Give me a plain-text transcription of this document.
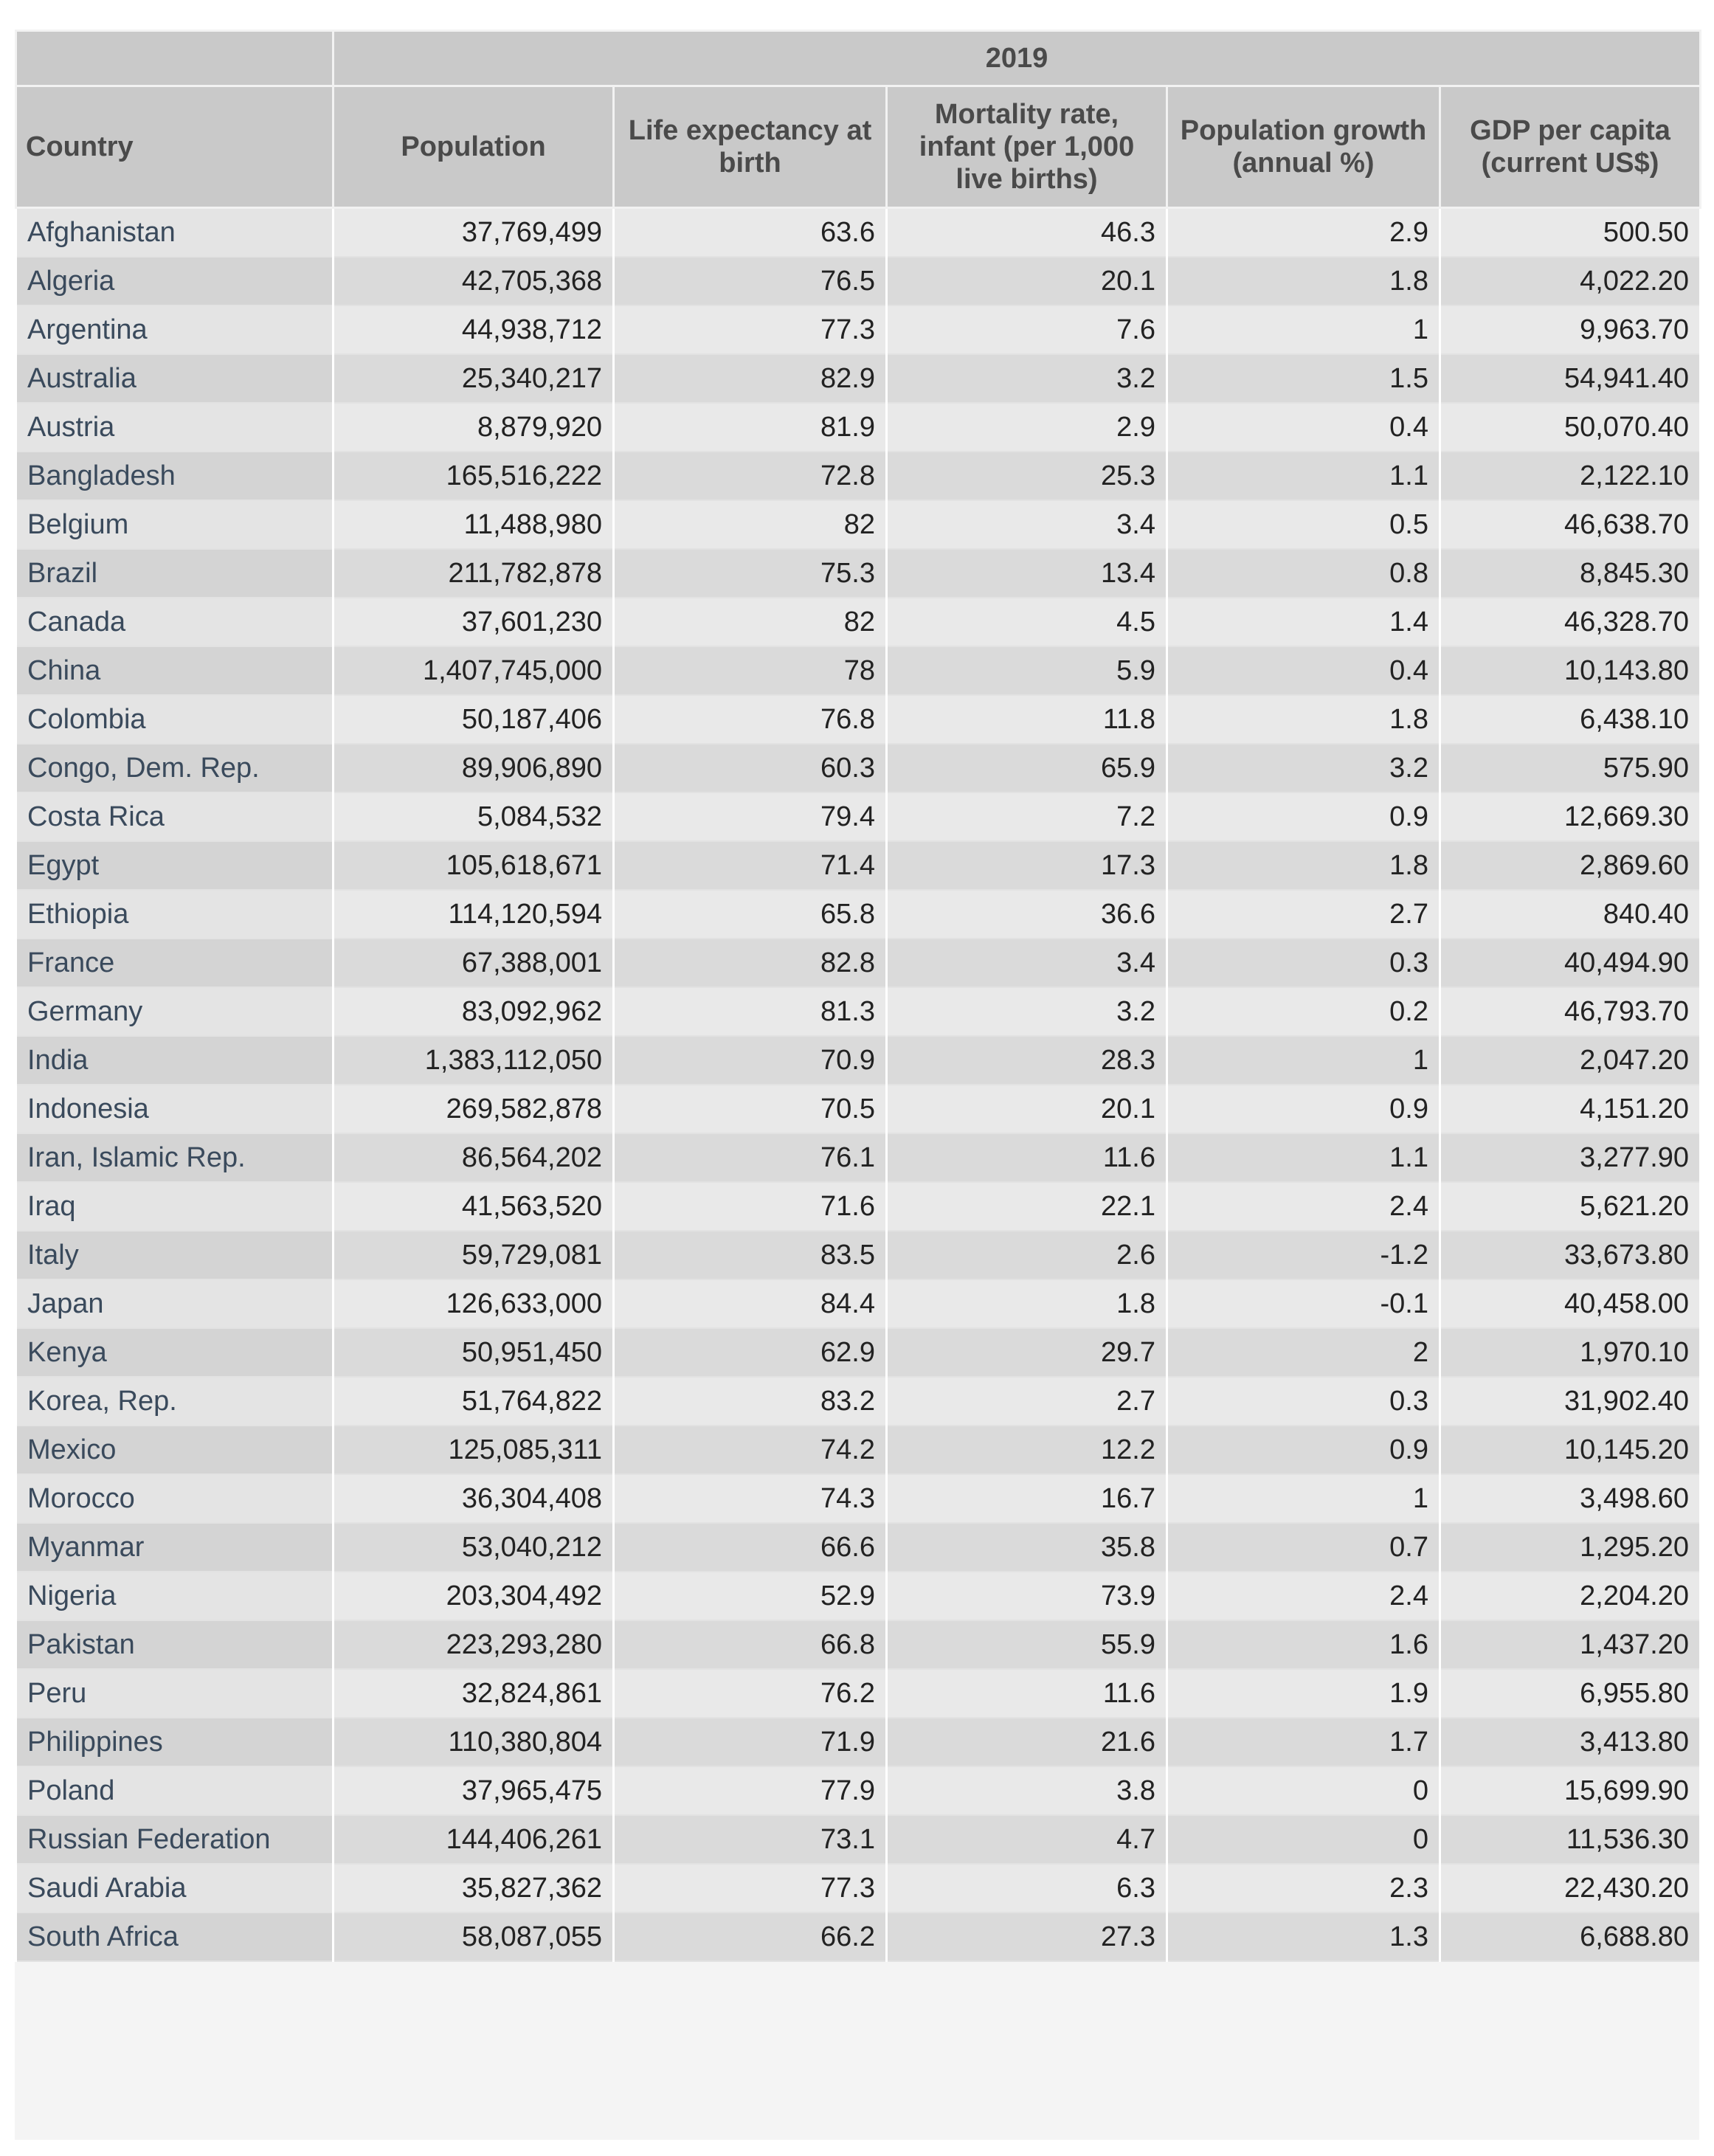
	2019				
Country	Population	Life expectancy at birth	Mortality rate, infant (per 1,000 live births)	Population growth (annual %)	GDP per capita (current US$)
Afghanistan	37,769,499	63.6	46.3	2.9	500.50
Algeria	42,705,368	76.5	20.1	1.8	4,022.20
Argentina	44,938,712	77.3	7.6	1	9,963.70
Australia	25,340,217	82.9	3.2	1.5	54,941.40
Austria	8,879,920	81.9	2.9	0.4	50,070.40
Bangladesh	165,516,222	72.8	25.3	1.1	2,122.10
Belgium	11,488,980	82	3.4	0.5	46,638.70
Brazil	211,782,878	75.3	13.4	0.8	8,845.30
Canada	37,601,230	82	4.5	1.4	46,328.70
China	1,407,745,000	78	5.9	0.4	10,143.80
Colombia	50,187,406	76.8	11.8	1.8	6,438.10
Congo, Dem. Rep.	89,906,890	60.3	65.9	3.2	575.90
Costa Rica	5,084,532	79.4	7.2	0.9	12,669.30
Egypt	105,618,671	71.4	17.3	1.8	2,869.60
Ethiopia	114,120,594	65.8	36.6	2.7	840.40
France	67,388,001	82.8	3.4	0.3	40,494.90
Germany	83,092,962	81.3	3.2	0.2	46,793.70
India	1,383,112,050	70.9	28.3	1	2,047.20
Indonesia	269,582,878	70.5	20.1	0.9	4,151.20
Iran, Islamic Rep.	86,564,202	76.1	11.6	1.1	3,277.90
Iraq	41,563,520	71.6	22.1	2.4	5,621.20
Italy	59,729,081	83.5	2.6	-1.2	33,673.80
Japan	126,633,000	84.4	1.8	-0.1	40,458.00
Kenya	50,951,450	62.9	29.7	2	1,970.10
Korea, Rep.	51,764,822	83.2	2.7	0.3	31,902.40
Mexico	125,085,311	74.2	12.2	0.9	10,145.20
Morocco	36,304,408	74.3	16.7	1	3,498.60
Myanmar	53,040,212	66.6	35.8	0.7	1,295.20
Nigeria	203,304,492	52.9	73.9	2.4	2,204.20
Pakistan	223,293,280	66.8	55.9	1.6	1,437.20
Peru	32,824,861	76.2	11.6	1.9	6,955.80
Philippines	110,380,804	71.9	21.6	1.7	3,413.80
Poland	37,965,475	77.9	3.8	0	15,699.90
Russian Federation	144,406,261	73.1	4.7	0	11,536.30
Saudi Arabia	35,827,362	77.3	6.3	2.3	22,430.20
South Africa	58,087,055	66.2	27.3	1.3	6,688.80
